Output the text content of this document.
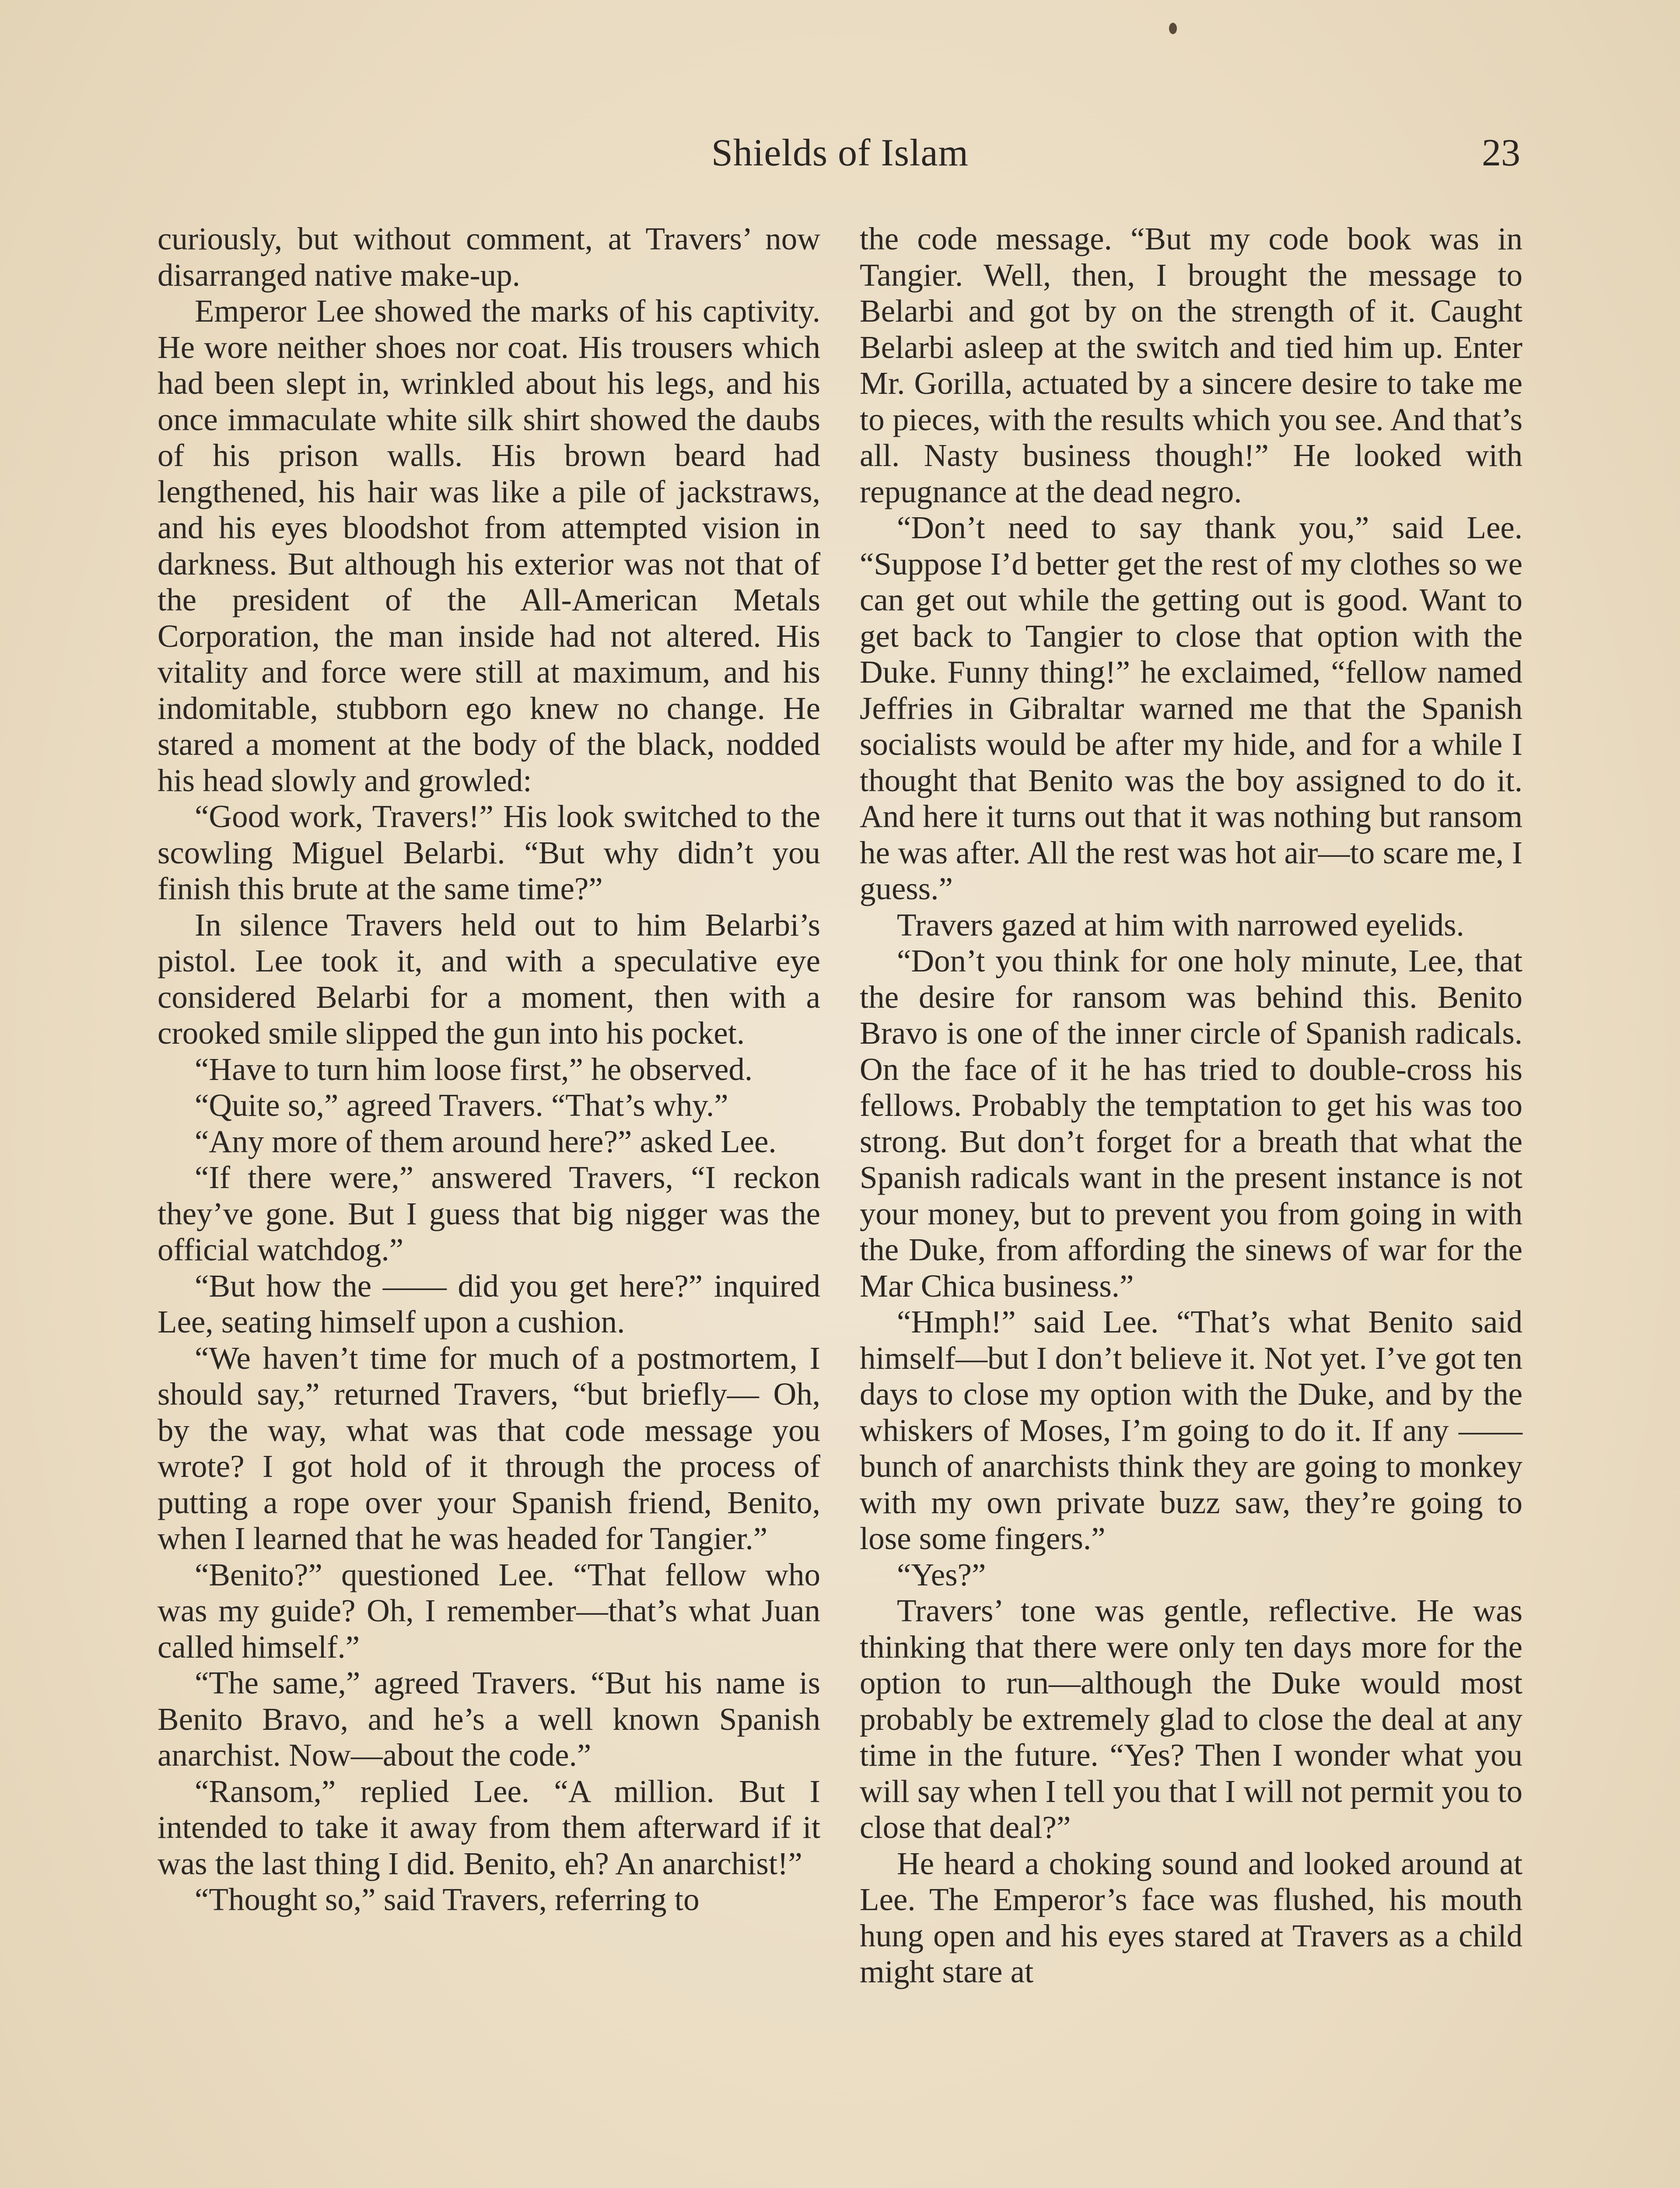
Shields of Islam	23

curiously, but without comment, at Travers’ now disarranged native make-up.

Emperor Lee showed the marks of his captivity. He wore neither shoes nor coat. His trousers which had been slept in, wrinkled about his legs, and his once immaculate white silk shirt showed the daubs of his prison walls. His brown beard had lengthened, his hair was like a pile of jackstraws, and his eyes bloodshot from attempted vision in darkness. But although his exterior was not that of the president of the All-American Metals Corporation, the man inside had not altered. His vitality and force were still at maximum, and his indomitable, stubborn ego knew no change. He stared a moment at the body of the black, nodded his head slowly and growled:

“Good work, Travers!” His look switched to the scowling Miguel Belarbi. “But why didn’t you finish this brute at the same time?”

In silence Travers held out to him Belarbi’s pistol. Lee took it, and with a speculative eye considered Belarbi for a moment, then with a crooked smile slipped the gun into his pocket.

“Have to turn him loose first,” he observed.

“Quite so,” agreed Travers. “That’s why.”

“Any more of them around here?” asked Lee.

“If there were,” answered Travers, “I reckon they’ve gone. But I guess that big nigger was the official watchdog.”

“But how the —— did you get here?” inquired Lee, seating himself upon a cushion.

“We haven’t time for much of a postmortem, I should say,” returned Travers, “but briefly— Oh, by the way, what was that code message you wrote? I got hold of it through the process of putting a rope over your Spanish friend, Benito, when I learned that he was headed for Tangier.”

“Benito?” questioned Lee. “That fellow who was my guide? Oh, I remember—that’s what Juan called himself.”

“The same,” agreed Travers. “But his name is Benito Bravo, and he’s a well known Spanish anarchist. Now—about the code.”

“Ransom,” replied Lee. “A million. But I intended to take it away from them afterward if it was the last thing I did. Benito, eh? An anarchist!”

“Thought so,” said Travers, referring to

the code message. “But my code book was in Tangier. Well, then, I brought the message to Belarbi and got by on the strength of it. Caught Belarbi asleep at the switch and tied him up. Enter Mr. Gorilla, actuated by a sincere desire to take me to pieces, with the results which you see. And that’s all. Nasty business though!” He looked with repugnance at the dead negro.

“Don’t need to say thank you,” said Lee. “Suppose I’d better get the rest of my clothes so we can get out while the getting out is good. Want to get back to Tangier to close that option with the Duke. Funny thing!” he exclaimed, “fellow named Jeffries in Gibraltar warned me that the Spanish socialists would be after my hide, and for a while I thought that Benito was the boy assigned to do it. And here it turns out that it was nothing but ransom he was after. All the rest was hot air—to scare me, I guess.”

Travers gazed at him with narrowed eyelids.

“Don’t you think for one holy minute, Lee, that the desire for ransom was behind this. Benito Bravo is one of the inner circle of Spanish radicals. On the face of it he has tried to double-cross his fellows. Probably the temptation to get his was too strong. But don’t forget for a breath that what the Spanish radicals want in the present instance is not your money, but to prevent you from going in with the Duke, from affording the sinews of war for the Mar Chica business.”

“Hmph!” said Lee. “That’s what Benito said himself—but I don’t believe it. Not yet. I’ve got ten days to close my option with the Duke, and by the whiskers of Moses, I’m going to do it. If any —— bunch of anarchists think they are going to monkey with my own private buzz saw, they’re going to lose some fingers.”

“Yes?”

Travers’ tone was gentle, reflective. He was thinking that there were only ten days more for the option to run—although the Duke would most probably be extremely glad to close the deal at any time in the future. “Yes? Then I wonder what you will say when I tell you that I will not permit you to close that deal?”

He heard a choking sound and looked around at Lee. The Emperor’s face was flushed, his mouth hung open and his eyes stared at Travers as a child might stare at
